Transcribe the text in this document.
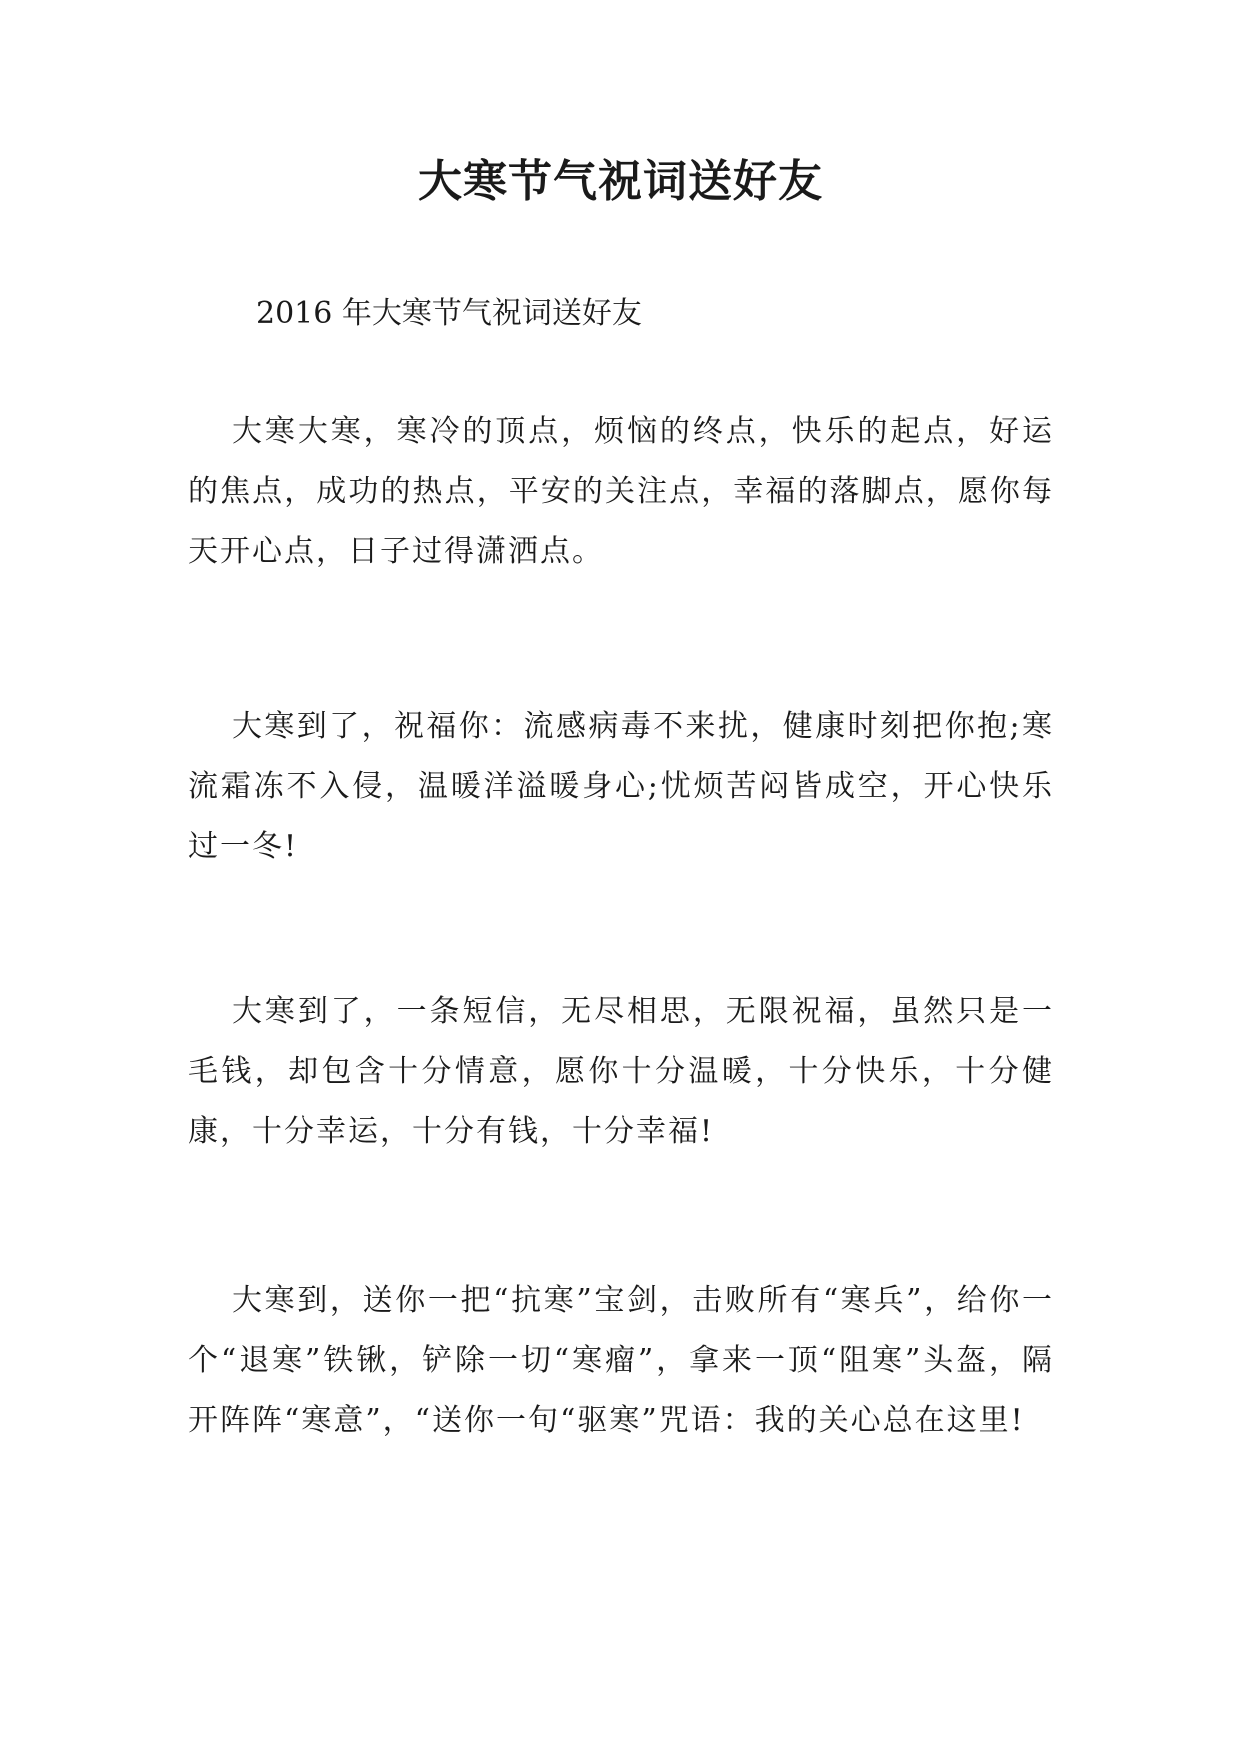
大寒节气祝词送好友

2016 年大寒节气祝词送好友

大寒大寒，寒冷的顶点，烦恼的终点，快乐的起点，好运的焦点，成功的热点，平安的关注点，幸福的落脚点，愿你每天开心点，日子过得潇洒点。

大寒到了，祝福你：流感病毒不来扰，健康时刻把你抱;寒流霜冻不入侵，温暖洋溢暖身心;忧烦苦闷皆成空，开心快乐过一冬!

大寒到了，一条短信，无尽相思，无限祝福，虽然只是一毛钱，却包含十分情意，愿你十分温暖，十分快乐，十分健康，十分幸运，十分有钱，十分幸福!

大寒到，送你一把“抗寒”宝剑，击败所有“寒兵”，给你一个“退寒”铁锹，铲除一切“寒瘤”，拿来一顶“阻寒”头盔，隔开阵阵“寒意”，“送你一句“驱寒”咒语：我的关心总在这里!
